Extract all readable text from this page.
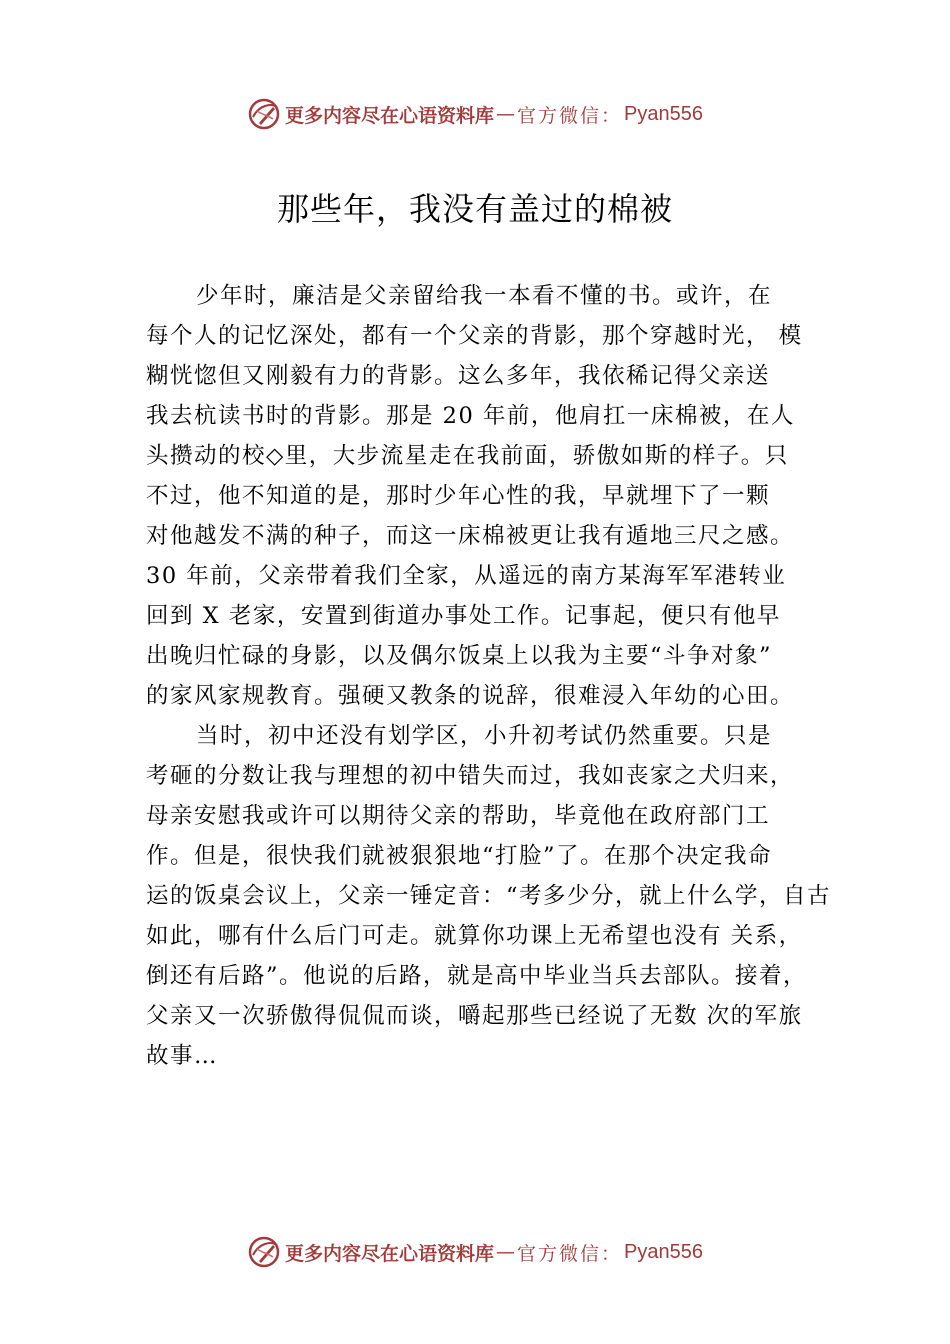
更多内容尽在心语资料库 — 官方微信： Pyan556
那些年，我没有盖过的棉被
少年时，廉洁是父亲留给我一本看不懂的书。或许，在
每个人的记忆深处，都有一个父亲的背影，那个穿越时光， 模
糊恍惚但又刚毅有力的背影。这么多年，我依稀记得父亲送
我去杭读书时的背影。那是 20 年前，他肩扛一床棉被，在人
头攒动的校◇里，大步流星走在我前面，骄傲如斯的样子。只
不过，他不知道的是，那时少年心性的我，早就埋下了一颗
对他越发不满的种子，而这一床棉被更让我有遁地三尺之感。
30 年前，父亲带着我们全家，从遥远的南方某海军军港转业
回到 X 老家，安置到街道办事处工作。记事起，便只有他早
出晚归忙碌的身影，以及偶尔饭桌上以我为主要“斗争对象”
的家风家规教育。强硬又教条的说辞，很难浸入年幼的心田。
当时，初中还没有划学区，小升初考试仍然重要。只是
考砸的分数让我与理想的初中错失而过，我如丧家之犬归来，
母亲安慰我或许可以期待父亲的帮助，毕竟他在政府部门工
作。但是，很快我们就被狠狠地“打脸”了。在那个决定我命
运的饭桌会议上，父亲一锤定音：“考多少分，就上什么学，自古
如此，哪有什么后门可走。就算你功课上无希望也没有 关系，
倒还有后路”。他说的后路，就是高中毕业当兵去部队。接着，
父亲又一次骄傲得侃侃而谈，嚼起那些已经说了无数 次的军旅
故事…
更多内容尽在心语资料库 — 官方微信： Pyan556
